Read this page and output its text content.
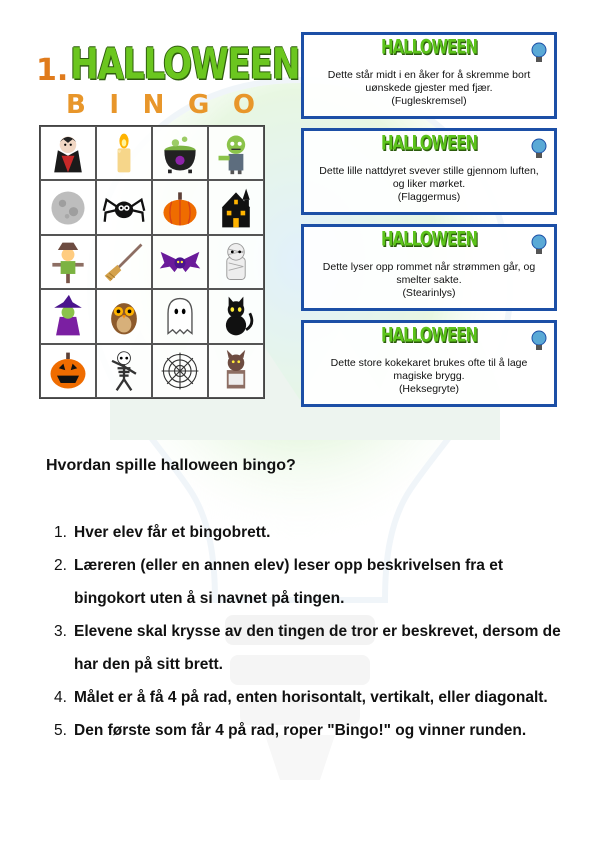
1. HALLOWEEN
B I N G O
HALLOWEEN
Dette står midt i en åker for å skremme bort uønskede gjester med fjær.
(Fugleskremsel)
HALLOWEEN
Dette lille nattdyret svever stille gjennom luften, og liker mørket.
(Flaggermus)
HALLOWEEN
Dette lyser opp rommet når strømmen går, og smelter sakte.
(Stearinlys)
HALLOWEEN
Dette store kokekaret brukes ofte til å lage magiske brygg.
(Heksegryte)
Hvordan spille halloween bingo?
1. Hver elev får et bingobrett.
2. Læreren (eller en annen elev) leser opp beskrivelsen fra et bingokort uten å si navnet på tingen.
3. Elevene skal krysse av den tingen de tror er beskrevet, dersom de har den på sitt brett.
4. Målet er å få 4 på rad, enten horisontalt, vertikalt, eller diagonalt.
5. Den første som får 4 på rad, roper "Bingo!" og vinner runden.
